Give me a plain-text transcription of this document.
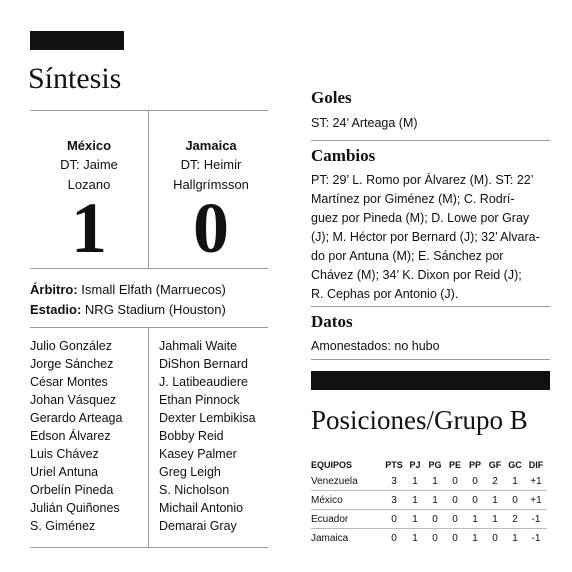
Síntesis
México
DT: Jaime
Lozano
Jamaica
DT: Heimir
Hallgrímsson
1	0
Árbitro: Ismall Elfath (Marruecos)
Estadio: NRG Stadium (Houston)
Julio González
Jorge Sánchez
César Montes
Johan Vásquez
Gerardo Arteaga
Edson Álvarez
Luis Chávez
Uriel Antuna
Orbelín Pineda
Julián Quiñones
S. Giménez
Jahmali Waite
DiShon Bernard
J. Latibeaudiere
Ethan Pinnock
Dexter Lembikisa
Bobby Reid
Kasey Palmer
Greg Leigh
S. Nicholson
Michail Antonio
Demarai Gray
Goles
ST: 24’ Arteaga (M)
Cambios
PT: 29’ L. Romo por Álvarez (M). ST: 22’
Martínez por Giménez (M); C. Rodrí-
guez por Pineda (M); D. Lowe por Gray
(J); M. Héctor por Bernard (J); 32’ Alvara-
do por Antuna (M); E. Sánchez por
Chávez (M); 34’ K. Dixon por Reid (J);
R. Cephas por Antonio (J).
Datos
Amonestados: no hubo
Posiciones/Grupo B
EQUIPOS	PTS	PJ	PG	PE	PP	GF	GC	DIF
Venezuela	3	1	1	0	0	2	1	+1
México	3	1	1	0	0	1	0	+1
Ecuador	0	1	0	0	1	1	2	-1
Jamaica	0	1	0	0	1	0	1	-1
